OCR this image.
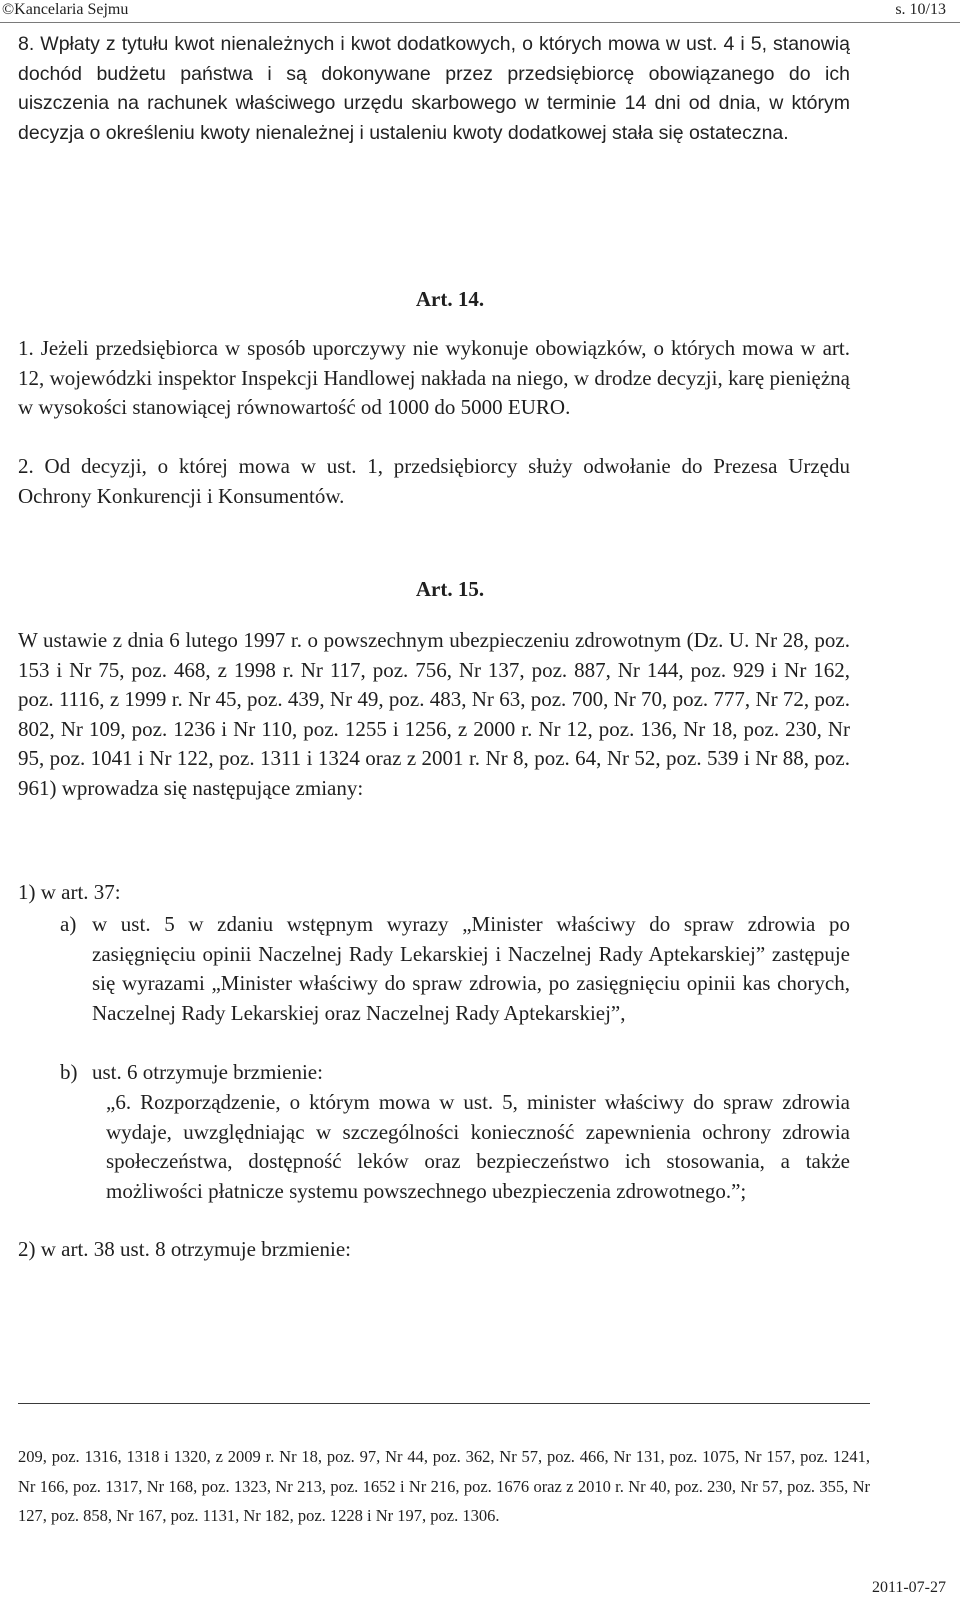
©Kancelaria Sejmu	s. 10/13
8. Wpłaty z tytułu kwot nienależnych i kwot dodatkowych, o których mowa w ust. 4 i 5, stanowią dochód budżetu państwa i są dokonywane przez przedsiębiorcę obowiązanego do ich uiszczenia na rachunek właściwego urzędu skarbowego w terminie 14 dni od dnia, w którym decyzja o określeniu kwoty nienależnej i ustaleniu kwoty dodatkowej stała się ostateczna.
Art. 14.
1. Jeżeli przedsiębiorca w sposób uporczywy nie wykonuje obowiązków, o których mowa w art. 12, wojewódzki inspektor Inspekcji Handlowej nakłada na niego, w drodze decyzji, karę pieniężną w wysokości stanowiącej równowartość od 1000 do 5000 EURO.
2. Od decyzji, o której mowa w ust. 1, przedsiębiorcy służy odwołanie do Prezesa Urzędu Ochrony Konkurencji i Konsumentów.
Art. 15.
W ustawie z dnia 6 lutego 1997 r. o powszechnym ubezpieczeniu zdrowotnym (Dz. U. Nr 28, poz. 153 i Nr 75, poz. 468, z 1998 r. Nr 117, poz. 756, Nr 137, poz. 887, Nr 144, poz. 929 i Nr 162, poz. 1116, z 1999 r. Nr 45, poz. 439, Nr 49, poz. 483, Nr 63, poz. 700, Nr 70, poz. 777, Nr 72, poz. 802, Nr 109, poz. 1236 i Nr 110, poz. 1255 i 1256, z 2000 r. Nr 12, poz. 136, Nr 18, poz. 230, Nr 95, poz. 1041 i Nr 122, poz. 1311 i 1324 oraz z 2001 r. Nr 8, poz. 64, Nr 52, poz. 539 i Nr 88, poz. 961) wprowadza się następujące zmiany:
1) w art. 37:
a) w ust. 5 w zdaniu wstępnym wyrazy „Minister właściwy do spraw zdrowia po zasięgnięciu opinii Naczelnej Rady Lekarskiej i Naczelnej Rady Aptekarskiej” zastępuje się wyrazami „Minister właściwy do spraw zdrowia, po zasięgnięciu opinii kas chorych, Naczelnej Rady Lekarskiej oraz Naczelnej Rady Aptekarskiej”,
b) ust. 6 otrzymuje brzmienie:
„6. Rozporządzenie, o którym mowa w ust. 5, minister właściwy do spraw zdrowia wydaje, uwzględniając w szczególności konieczność zapewnienia ochrony zdrowia społeczeństwa, dostępność leków oraz bezpieczeństwo ich stosowania, a także możliwości płatnicze systemu powszechnego ubezpieczenia zdrowotnego.”;
2) w art. 38 ust. 8 otrzymuje brzmienie:
209, poz. 1316, 1318 i 1320, z 2009 r. Nr 18, poz. 97, Nr 44, poz. 362, Nr 57, poz. 466, Nr 131, poz. 1075, Nr 157, poz. 1241, Nr 166, poz. 1317, Nr 168, poz. 1323, Nr 213, poz. 1652 i Nr 216, poz. 1676 oraz z 2010 r. Nr 40, poz. 230, Nr 57, poz. 355, Nr 127, poz. 858, Nr 167, poz. 1131, Nr 182, poz. 1228 i Nr 197, poz. 1306.
2011-07-27
